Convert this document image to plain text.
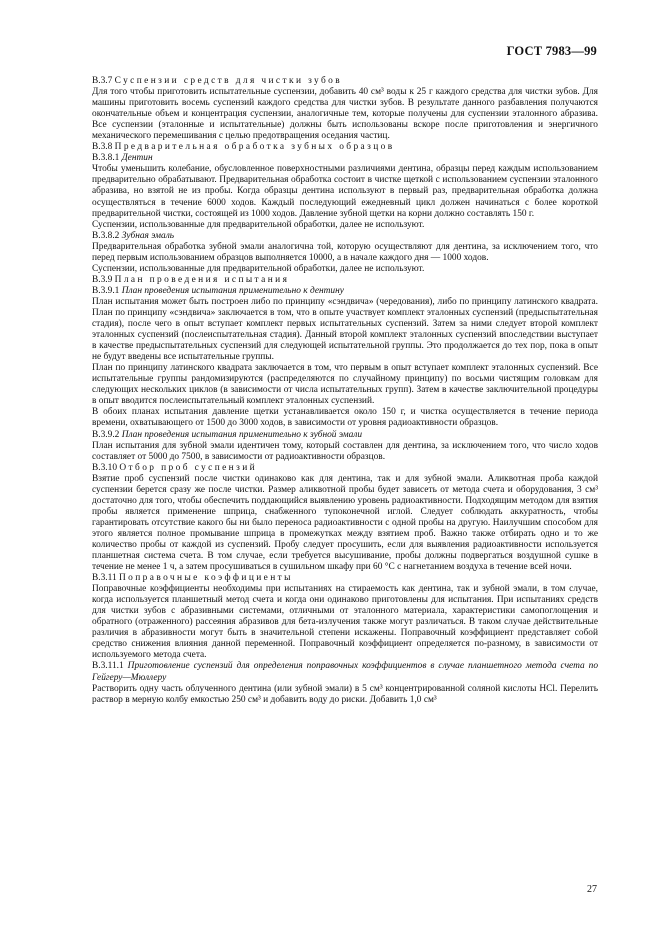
ГОСТ 7983—99

B.3.7 Суспензии средств для чистки зубов

Для того чтобы приготовить испытательные суспензии, добавить 40 см³ воды к 25 г каждого средства для чистки зубов. Для машины приготовить восемь суспензий каждого средства для чистки зубов. В результате данного разбавления получаются окончательные объем и концентрация суспензии, аналогичные тем, которые получены для суспензии эталонного абразива. Все суспензии (эталонные и испытательные) должны быть использованы вскоре после приготовления и энергичного механического перемешивания с целью предотвращения оседания частиц.

B.3.8 Предварительная обработка зубных образцов

B.3.8.1 Дентин

Чтобы уменьшить колебание, обусловленное поверхностными различиями дентина, образцы перед каждым использованием предварительно обрабатывают. Предварительная обработка состоит в чистке щеткой с использованием суспензии эталонного абразива, но взятой не из пробы. Когда образцы дентина используют в первый раз, предварительная обработка должна осуществляться в течение 6000 ходов. Каждый последующий ежедневный цикл должен начинаться с более короткой предварительной чистки, состоящей из 1000 ходов. Давление зубной щетки на корни должно составлять 150 г.

Суспензии, использованные для предварительной обработки, далее не используют.

B.3.8.2 Зубная эмаль

Предварительная обработка зубной эмали аналогична той, которую осуществляют для дентина, за исключением того, что перед первым использованием образцов выполняется 10000, а в начале каждого дня — 1000 ходов.

Суспензии, использованные для предварительной обработки, далее не используют.

B.3.9 План проведения испытания

B.3.9.1 План проведения испытания применительно к дентину

План испытания может быть построен либо по принципу «сэндвича» (чередования), либо по принципу латинского квадрата. План по принципу «сэндвича» заключается в том, что в опыте участвует комплект эталонных суспензий (предыспытательная стадия), после чего в опыт вступает комплект первых испытательных суспензий. Затем за ними следует второй комплект эталонных суспензий (послеиспытательная стадия). Данный второй комплект эталонных суспензий впоследствии выступает в качестве предыспытательных суспензий для следующей испытательной группы. Это продолжается до тех пор, пока в опыт не будут введены все испытательные группы.

План по принципу латинского квадрата заключается в том, что первым в опыт вступает комплект эталонных суспензий. Все испытательные группы рандомизируются (распределяются по случайному принципу) по восьми чистящим головкам для следующих нескольких циклов (в зависимости от числа испытательных групп). Затем в качестве заключительной процедуры в опыт вводится послеиспытательный комплект эталонных суспензий.

В обоих планах испытания давление щетки устанавливается около 150 г, и чистка осуществляется в течение периода времени, охватывающего от 1500 до 3000 ходов, в зависимости от уровня радиоактивности образцов.

B.3.9.2 План проведения испытания применительно к зубной эмали

План испытания для зубной эмали идентичен тому, который составлен для дентина, за исключением того, что число ходов составляет от 5000 до 7500, в зависимости от радиоактивности образцов.

B.3.10 Отбор проб суспензий

Взятие проб суспензий после чистки одинаково как для дентина, так и для зубной эмали. Аликвотная проба каждой суспензии берется сразу же после чистки. Размер аликвотной пробы будет зависеть от метода счета и оборудования, 3 см³ достаточно для того, чтобы обеспечить поддающийся выявлению уровень радиоактивности. Подходящим методом для взятия пробы является применение шприца, снабженного тупоконечной иглой. Следует соблюдать аккуратность, чтобы гарантировать отсутствие какого бы ни было переноса радиоактивности с одной пробы на другую. Наилучшим способом для этого является полное промывание шприца в промежутках между взятием проб. Важно также отбирать одно и то же количество пробы от каждой из суспензий. Пробу следует просушить, если для выявления радиоактивности используется планшетная система счета. В том случае, если требуется высушивание, пробы должны подвергаться воздушной сушке в течение не менее 1 ч, а затем просушиваться в сушильном шкафу при 60 °С с нагнетанием воздуха в течение всей ночи.

B.3.11 Поправочные коэффициенты

Поправочные коэффициенты необходимы при испытаниях на стираемость как дентина, так и зубной эмали, в том случае, когда используется планшетный метод счета и когда они одинаково приготовлены для испытания. При испытаниях средств для чистки зубов с абразивными системами, отличными от эталонного материала, характеристики самопоглощения и обратного (отраженного) рассеяния абразивов для бета-излучения также могут различаться. В таком случае действительные различия в абразивности могут быть в значительной степени искажены. Поправочный коэффициент представляет собой средство снижения влияния данной переменной. Поправочный коэффициент определяется по-разному, в зависимости от используемого метода счета.

B.3.11.1 Приготовление суспензий для определения поправочных коэффициентов в случае планшетного метода счета по Гейгеру—Мюллеру

Растворить одну часть облученного дентина (или зубной эмали) в 5 см³ концентрированной соляной кислоты HCl. Перелить раствор в мерную колбу емкостью 250 см³ и добавить воду до риски. Добавить 1,0 см³

27
